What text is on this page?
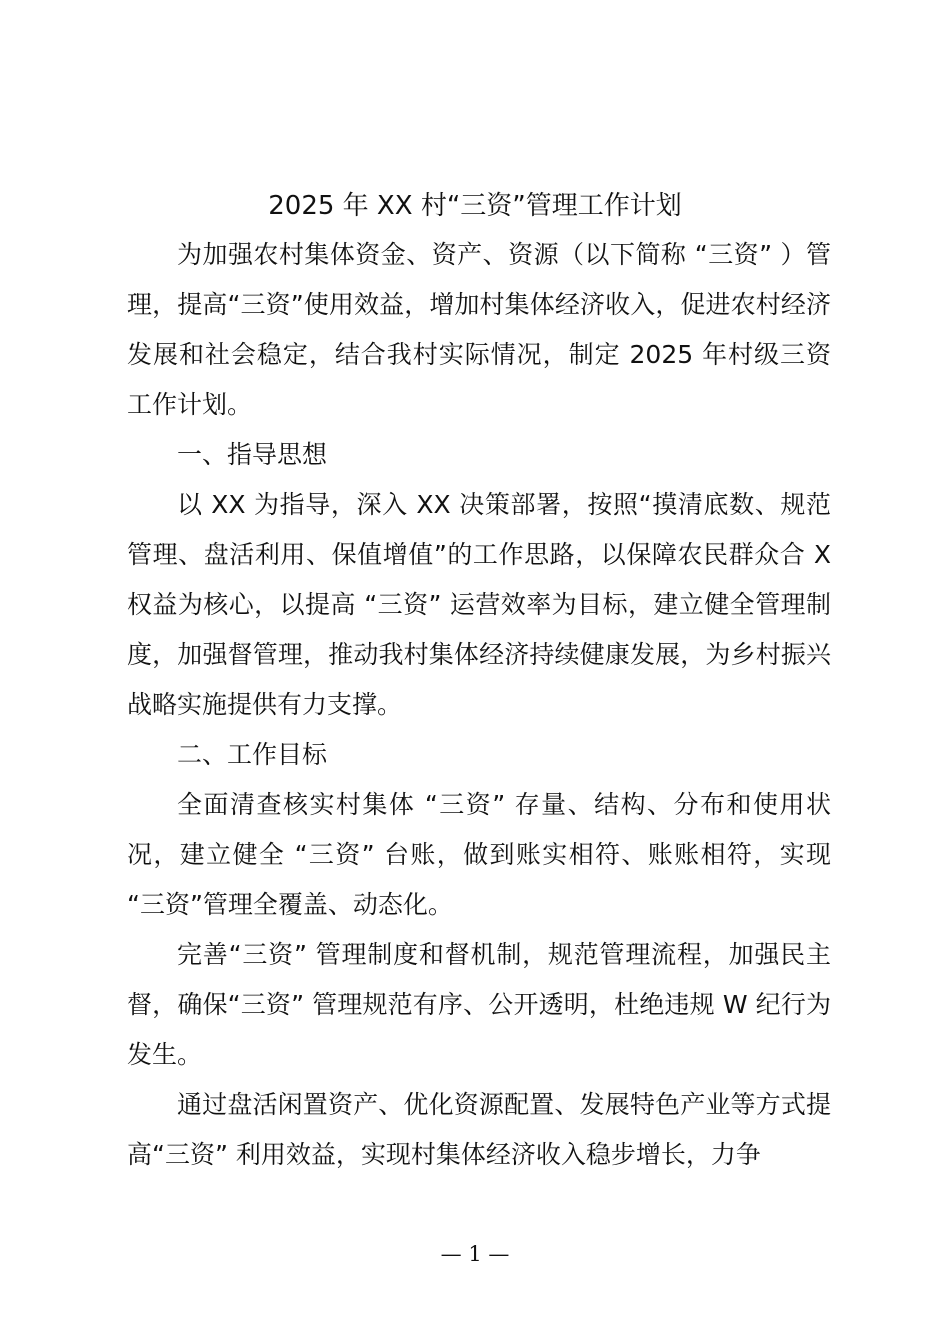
2025 年 XX 村“三资”管理工作计划

为加强农村集体资金、资产、资源（以下简称 “三资” ）管理，提高“三资”使用效益，增加村集体经济收入，促进农村经济发展和社会稳定，结合我村实际情况，制定 2025 年村级三资工作计划。

一、指导思想

以 XX 为指导，深入 XX 决策部署，按照“摸清底数、规范管理、盘活利用、保值增值”的工作思路，以保障农民群众合 X 权益为核心，以提高 “三资” 运营效率为目标，建立健全管理制度，加强督管理，推动我村集体经济持续健康发展，为乡村振兴战略实施提供有力支撑。

二、工作目标

全面清查核实村集体 “三资” 存量、结构、分布和使用状况，建立健全 “三资” 台账，做到账实相符、账账相符，实现 “三资”管理全覆盖、动态化。

完善“三资” 管理制度和督机制，规范管理流程，加强民主督，确保“三资” 管理规范有序、公开透明，杜绝违规 W 纪行为发生。

通过盘活闲置资产、优化资源配置、发展特色产业等方式提高“三资” 利用效益，实现村集体经济收入稳步增长，力争

— 1 —
